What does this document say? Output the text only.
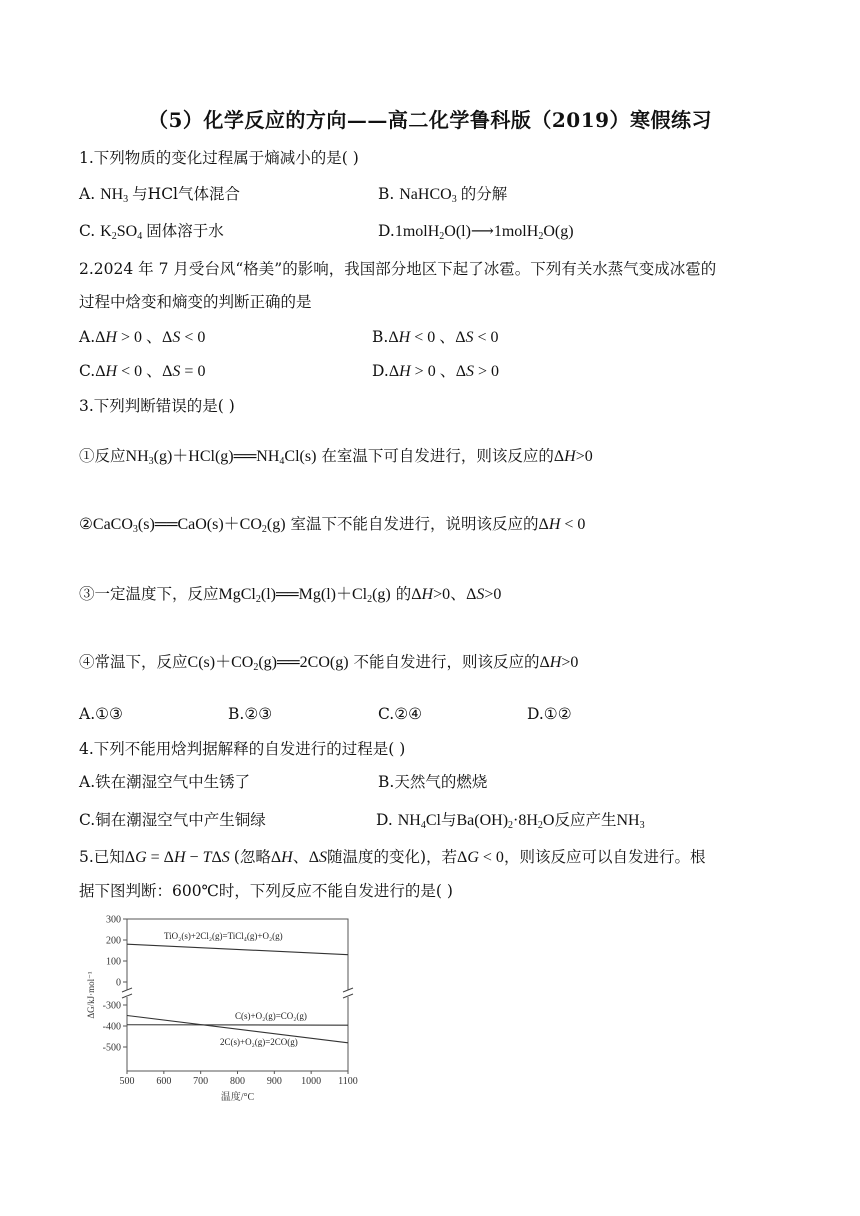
（5）化学反应的方向——高二化学鲁科版（2019）寒假练习
1.下列物质的变化过程属于熵减小的是( )
A. $NH_3$ 与HCl气体混合	B. NaHCO$_3$ 的分解
C. $K_2SO_4$ 固体溶于水	D.1molH$_2$O(l)⟶1molH$_2$O(g)
2.2024 年 7 月受台风“格美”的影响，我国部分地区下起了冰雹。下列有关水蒸气变成冰雹的
过程中焓变和熵变的判断正确的是
A.ΔH > 0 、ΔS < 0	B.ΔH < 0 、ΔS < 0
C.ΔH < 0 、ΔS = 0	D.ΔH > 0 、ΔS > 0
3.下列判断错误的是( )
①反应$NH_3(g)+HCl(g)══NH_4Cl(s)$ 在室温下可自发进行，则该反应的ΔH>0
$②CaCO_3(s)══CaO(s)+CO_2(g)$ 室温下不能自发进行，说明该反应的ΔH < 0
③一定温度下，反应$MgCl_2(l)══Mg(l)+Cl_2(g)$ 的ΔH>0、ΔS>0
④常温下，反应$C(s)+CO_2(g)══2CO(g)$ 不能自发进行，则该反应的ΔH>0
A.①③	B.②③	C.②④	D.①②
4.下列不能用焓判据解释的自发进行的过程是( )
A.铁在潮湿空气中生锈了	B.天然气的燃烧
C.铜在潮湿空气中产生铜绿	D. $NH_4Cl$与$Ba(OH)_2\cdot 8H_2O$反应产生$NH_3$
5.已知ΔG = ΔH − TΔS (忽略ΔH、ΔS随温度的变化)，若ΔG < 0，则该反应可以自发进行。根
据下图判断：600℃时，下列反应不能自发进行的是( )
300
200
100
0
-300
-400
-500
500 600 700 800 900 1000 1100
温度/°C
ΔG/kJ·mol⁻¹
TiO₂(s)+2Cl₂(g)=TiCl₄(g)+O₂(g)
C(s)+O₂(g)=CO₂(g)
2C(s)+O₂(g)=2CO(g)
